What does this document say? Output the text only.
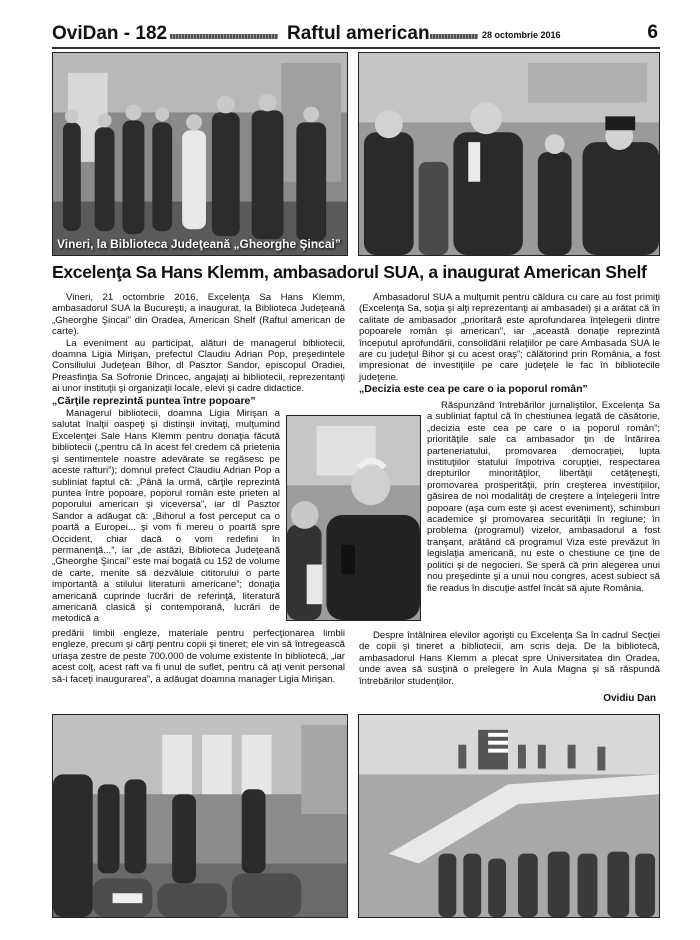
OviDan - 182	Raftul american	28 octombrie 2016	6
Vineri, la Biblioteca Judeţeană „Gheorghe Şincai”
Excelenţa Sa Hans Klemm, ambasadorul SUA, a inaugurat American Shelf

Vineri, 21 octombrie 2016, Excelenţa Sa Hans Klemm, ambasadorul SUA la Bucureşti, a inaugurat, la Biblioteca Judeţeană „Gheorghe Şincai” din Oradea, American Shelf (Raftul american de carte).

La eveniment au participat, alături de managerul bibliotecii, doamna Ligia Mirişan, prefectul Claudiu Adrian Pop, preşedintele Consiliului Judeţean Bihor, dl Pasztor Sandor, episcopul Oradiei, Preasfinţia Sa Sofronie Drincec, angajaţi ai bibliotecii, reprezentanţi ai unor instituţii şi organizaţii locale, elevi şi cadre didactice.

„Cărţile reprezintă puntea între popoare”

Managerul bibliotecii, doamna Ligia Mirişan a salutat înalţii oaspeţi şi distinşii invitaţi, mulţumind Excelenţei Sale Hans Klemm pentru donaţia făcută bibliotecii („pentru că în acest fel credem că prietenia şi sentimentele noastre adevărate se regăsesc pe aceste rafturi”); domnul prefect Claudiu Adrian Pop a subliniat faptul că: „Până la urmă, cărţile reprezintă puntea între popoare, poporul român este prieten al poporului american şi viceversa”, iar dl Pasztor Sandor a adăugat că: „Bihorul a fost perceput ca o poartă a Europei... şi vom fi mereu o poartă spre Occident, chiar dacă o vom redefini în permanenţă...”, iar „de astăzi, Biblioteca Judeţeană „Gheorghe Şincai” este mai bogată cu 152 de volume de carte, menite să dezvăluie cititorului o parte importantă a stilului literaturii americane”; donaţia americană cuprinde lucrări de referinţă, literatură americană clasică şi contemporană, lucrări de metodică a

predării limbii engleze, materiale pentru perfecţionarea limbii engleze, precum şi cărţi pentru copii şi tineret; ele vin să întregească uriaşa zestre de peste 700.000 de volume existente în bibliotecă, „iar acest colţ, acest raft va fi unul de suflet, pentru că aţi venit personal să-i faceţi inaugurarea”, a adăugat doamna manager Ligia Mirişan.

Ambasadorul SUA a mulţumit pentru căldura cu care au fost primiţi (Excelenţa Sa, soţia şi alţi reprezentanţi ai ambasadei) şi a arătat că în calitate de ambasador „prioritară este aprofundarea înţelegerii dintre popoarele român şi american”, iar „această donaţie reprezintă începutul aprofundării, consolidării relaţiilor pe care Ambasada SUA le are cu judeţul Bihor şi cu acest oraş”; călătorind prin România, a fost impresionat de investiţiile pe care judeţele le fac în bibliotecile judeţene.

„Decizia este cea pe care o ia poporul român”

Răspunzând întrebărilor jurnaliştilor, Excelenţa Sa a subliniat faptul că în chestiunea legată de căsătorie, „decizia este cea pe care o ia poporul român”; priorităţile sale ca ambasador ţin de întărirea parteneriatului, promovarea democraţiei, lupta instituţiilor statului împotriva corupţiei, respectarea drepturilor minorităţilor, libertăţii cetăţeneşti, promovarea prosperităţii, prin creşterea investiţiilor, găsirea de noi modalităţi de creştere a înţelegerii între popoare (aşa cum este şi acest eveniment), schimburi academice şi promovarea securităţii în regiune; în problema (programul) vizelor, ambasadorul a fost tranşant, arătând că programul Viza este prevăzut în legislaţia americană, nu este o chestiune ce ţine de politici şi de negocieri. Se speră că prin alegerea unui nou preşedinte şi a unui nou congres, acest subiect să fie readus în discuţie astfel încât să ajute România.

Despre întâlnirea elevilor agorişti cu Excelenţa Sa în cadrul Secţiei de copii şi tineret a bibliotecii, am scris deja. De la bibliotecă, ambasadorul Hans Klemm a plecat spre Universitatea din Oradea, unde avea să susţină o prelegere în Aula Magna şi să răspundă întrebărilor studenţilor.

Ovidiu Dan
